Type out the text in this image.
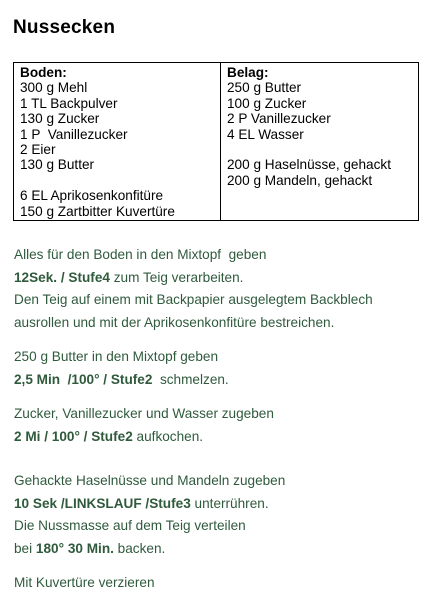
Nussecken
Boden:
300 g Mehl
1 TL Backpulver
130 g Zucker
1 P  Vanillezucker
2 Eier
130 g Butter
6 EL Aprikosenkonfitüre
150 g Zartbitter Kuvertüre

Belag:
250 g Butter
100 g Zucker
2 P Vanillezucker
4 EL Wasser
200 g Haselnüsse, gehackt
200 g Mandeln, gehackt

Alles für den Boden in den Mixtopf  geben

12Sek. / Stufe4 zum Teig verarbeiten.

Den Teig auf einem mit Backpapier ausgelegtem Backblech

ausrollen und mit der Aprikosenkonfitüre bestreichen.

250 g Butter in den Mixtopf geben

2,5 Min  /100° / Stufe2  schmelzen.

Zucker, Vanillezucker und Wasser zugeben

2 Mi / 100° / Stufe2 aufkochen.

Gehackte Haselnüsse und Mandeln zugeben

10 Sek /LINKSLAUF /Stufe3 unterrühren.

Die Nussmasse auf dem Teig verteilen

bei 180° 30 Min. backen.

Mit Kuvertüre verzieren
